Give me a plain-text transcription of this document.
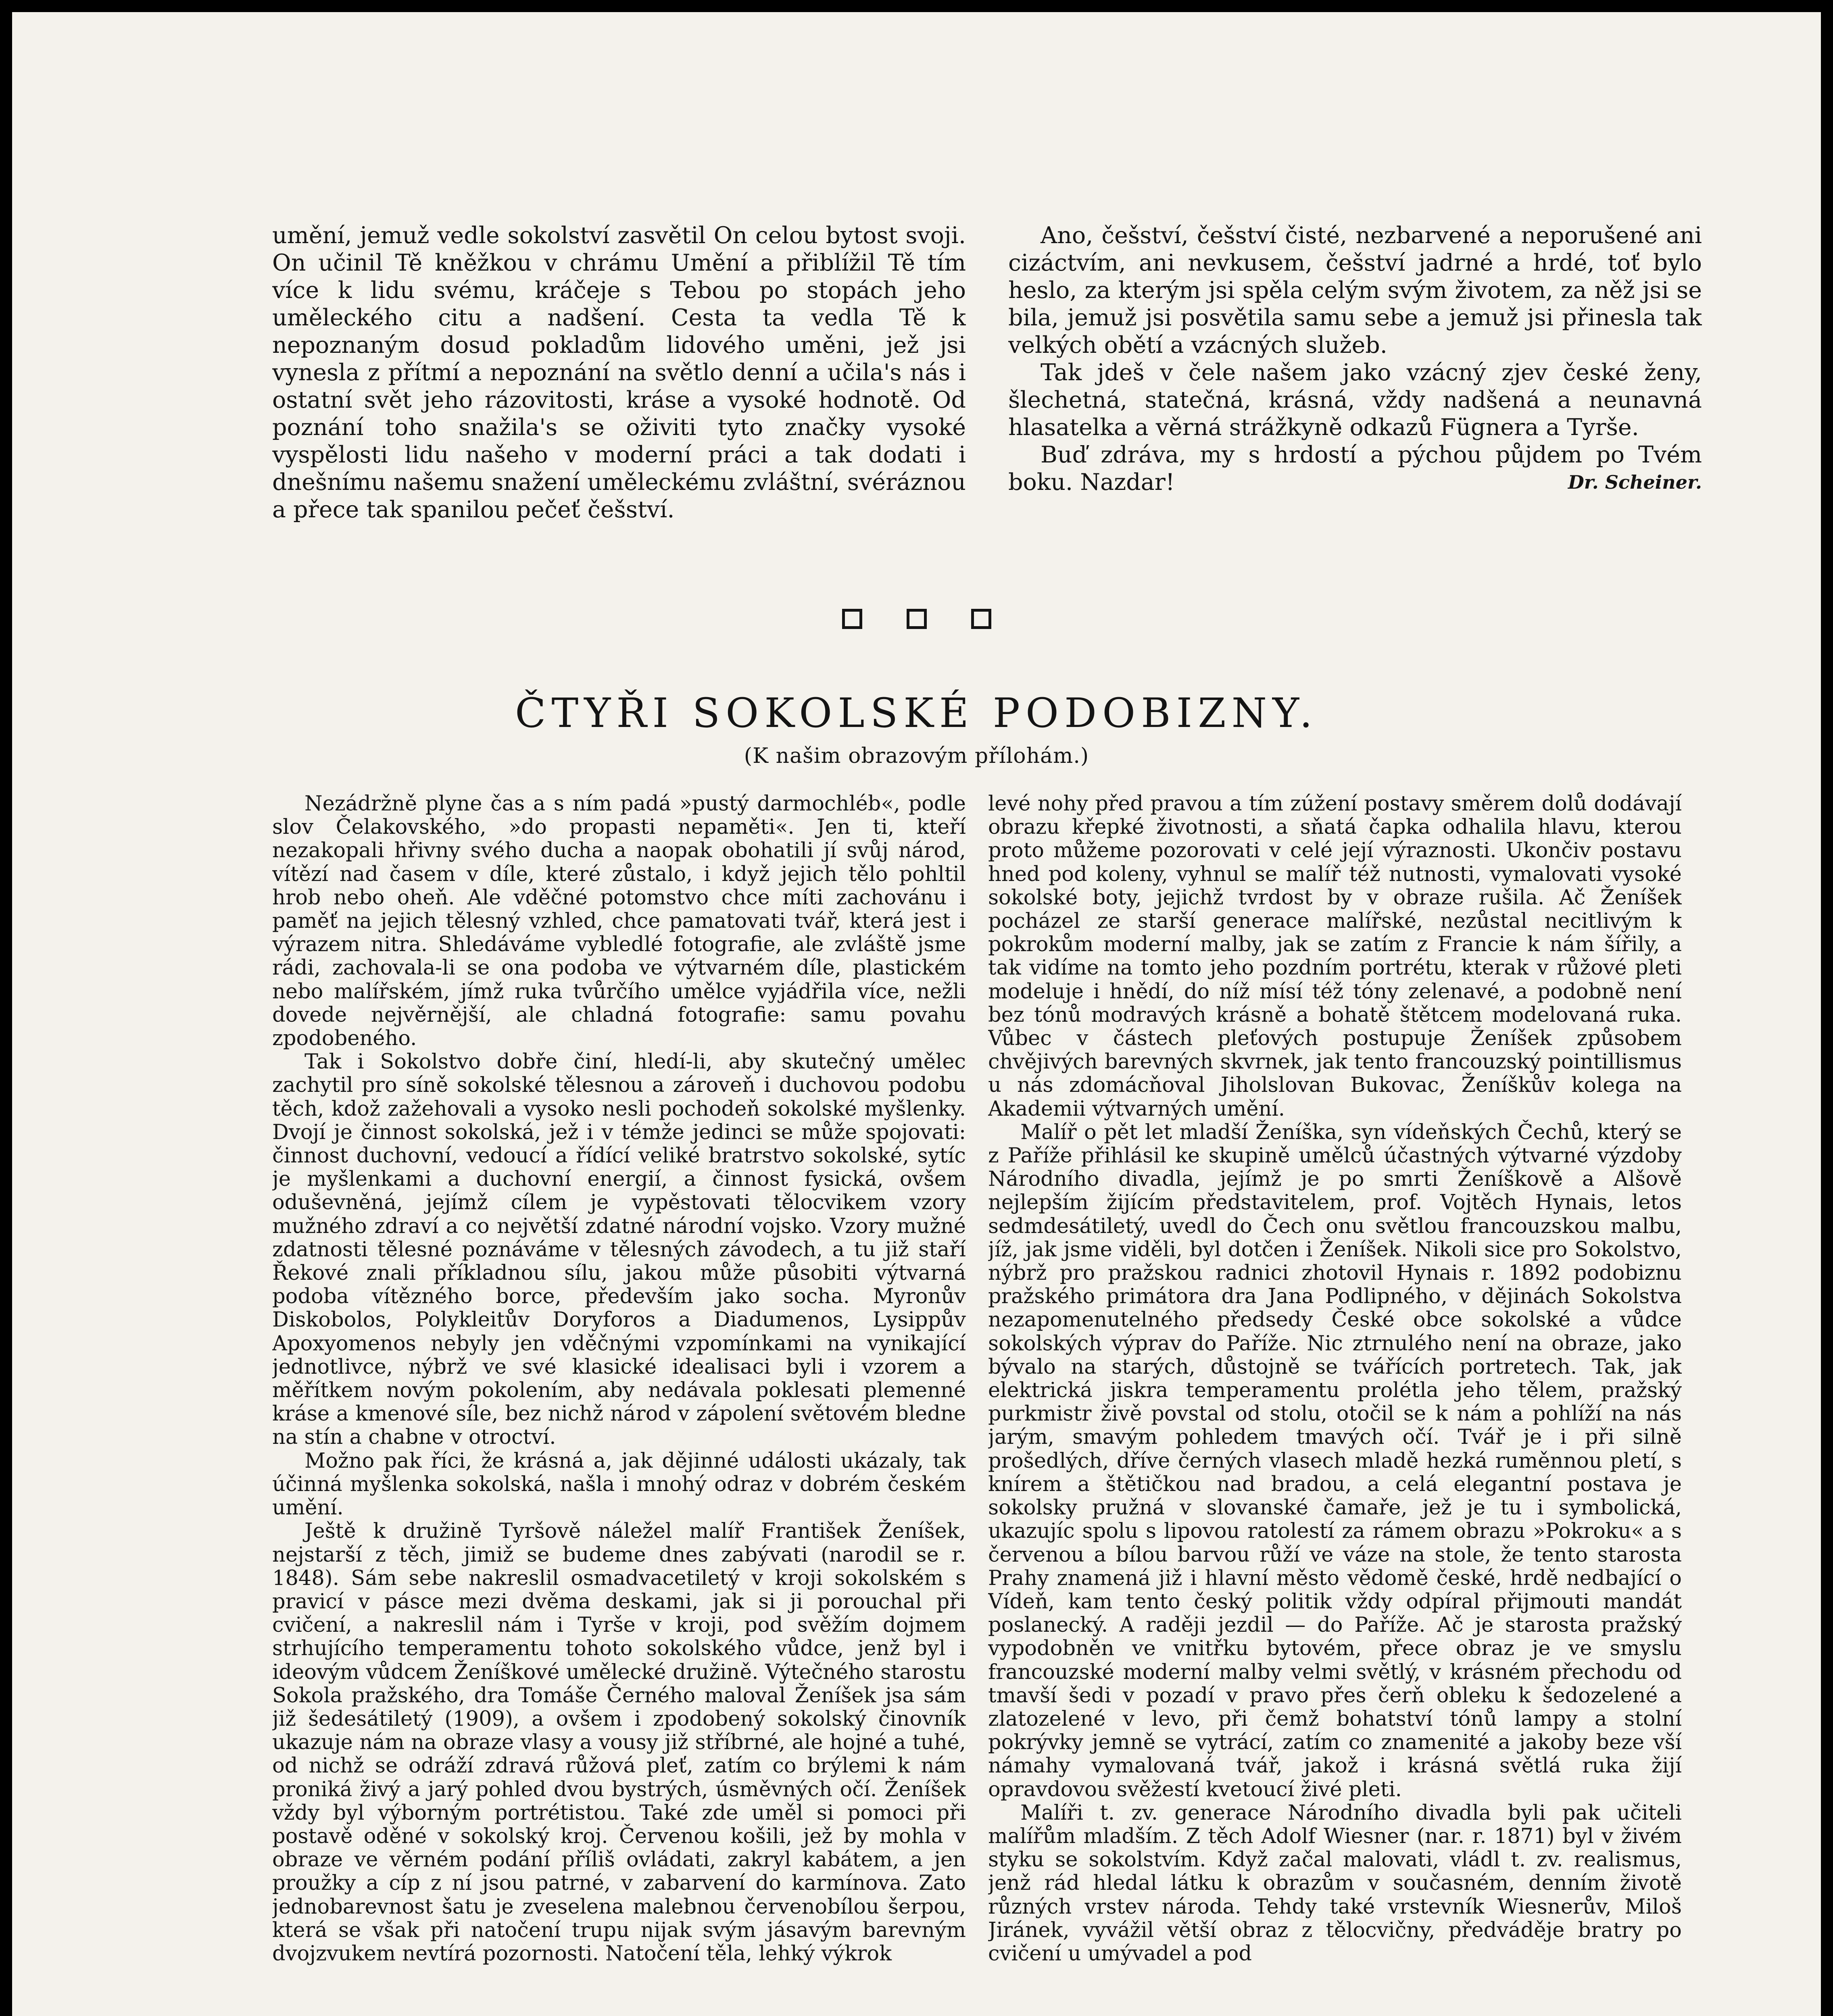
umění, jemuž vedle sokolství zasvětil On celou bytost svoji. On učinil Tě kněžkou v chrámu Umění a přiblížil Tě tím více k lidu svému, kráčeje s Tebou po stopách jeho uměleckého citu a nadšení. Cesta ta vedla Tě k nepoznaným dosud pokladům lidového uměni, jež jsi vynesla z přítmí a nepoznání na světlo denní a učila's nás i ostatní svět jeho rázovitosti, kráse a vysoké hodnotě. Od poznání toho snažila's se oživiti tyto značky vysoké vyspělosti lidu našeho v moderní práci a tak dodati i dnešnímu našemu snažení uměleckému zvláštní, svéráznou a přece tak spanilou pečeť češství.

Ano, češství, češství čisté, nezbarvené a neporušené ani cizáctvím, ani nevkusem, češství jadrné a hrdé, toť bylo heslo, za kterým jsi spěla celým svým životem, za něž jsi se bila, jemuž jsi posvětila samu sebe a jemuž jsi přinesla tak velkých obětí a vzácných služeb.

Tak jdeš v čele našem jako vzácný zjev české ženy, šlechetná, statečná, krásná, vždy nadšená a neunavná hlasatelka a věrná strážkyně odkazů Fügnera a Tyrše.

Buď zdráva, my s hrdostí a pýchou půjdem po Tvém boku. Nazdar!	Dr. Scheiner.

ČTYŘI SOKOLSKÉ PODOBIZNY.

(K našim obrazovým přílohám.)

Nezádržně plyne čas a s ním padá »pustý darmochléb«, podle slov Čelakovského, »do propasti nepaměti«. Jen ti, kteří nezakopali hřivny svého ducha a naopak obohatili jí svůj národ, vítězí nad časem v díle, které zůstalo, i když jejich tělo pohltil hrob nebo oheň. Ale vděčné potomstvo chce míti zachovánu i paměť na jejich tělesný vzhled, chce pamatovati tvář, která jest i výrazem nitra. Shledáváme vybledlé fotografie, ale zvláště jsme rádi, zachovala-li se ona podoba ve výtvarném díle, plastickém nebo malířském, jímž ruka tvůrčího umělce vyjádřila více, nežli dovede nejvěrnější, ale chladná fotografie: samu povahu zpodobeného.

Tak i Sokolstvo dobře činí, hledí-li, aby skutečný umělec zachytil pro síně sokolské tělesnou a zároveň i duchovou podobu těch, kdož zažehovali a vysoko nesli pochodeň sokolské myšlenky. Dvojí je činnost sokolská, jež i v témže jedinci se může spojovati: činnost duchovní, vedoucí a řídící veliké bratrstvo sokolské, sytíc je myšlenkami a duchovní energií, a činnost fysická, ovšem oduševněná, jejímž cílem je vypěstovati tělocvikem vzory mužného zdraví a co největší zdatné národní vojsko. Vzory mužné zdatnosti tělesné poznáváme v tělesných závodech, a tu již staří Řekové znali příkladnou sílu, jakou může působiti výtvarná podoba vítězného borce, především jako socha. Myronův Diskobolos, Polykleitův Doryforos a Diadumenos, Lysippův Apoxyomenos nebyly jen vděčnými vzpomínkami na vynikající jednotlivce, nýbrž ve své klasické idealisaci byli i vzorem a měřítkem novým pokolením, aby nedávala poklesati plemenné kráse a kmenové síle, bez nichž národ v zápolení světovém bledne na stín a chabne v otroctví.

Možno pak říci, že krásná a, jak dějinné události ukázaly, tak účinná myšlenka sokolská, našla i mnohý odraz v dobrém českém umění.

Ještě k družině Tyršově náležel malíř František Ženíšek, nejstarší z těch, jimiž se budeme dnes zabývati (narodil se r. 1848). Sám sebe nakreslil osmadvacetiletý v kroji sokolském s pravicí v pásce mezi dvěma deskami, jak si ji porouchal při cvičení, a nakreslil nám i Tyrše v kroji, pod svěžím dojmem strhujícího temperamentu tohoto sokolského vůdce, jenž byl i ideovým vůdcem Ženíškové umělecké družině. Výtečného starostu Sokola pražského, dra Tomáše Černého maloval Ženíšek jsa sám již šedesátiletý (1909), a ovšem i zpodobený sokolský činovník ukazuje nám na obraze vlasy a vousy již stříbrné, ale hojné a tuhé, od nichž se odráží zdravá růžová pleť, zatím co brýlemi k nám proniká živý a jarý pohled dvou bystrých, úsměvných očí. Ženíšek vždy byl výborným portrétistou. Také zde uměl si pomoci při postavě oděné v sokolský kroj. Červenou košili, jež by mohla v obraze ve věrném podání příliš ovládati, zakryl kabátem, a jen proužky a cíp z ní jsou patrné, v zabarvení do karmínova. Zato jednobarevnost šatu je zveselena malebnou červenobílou šerpou, která se však při natočení trupu nijak svým jásavým barevným dvojzvukem nevtírá pozornosti. Natočení těla, lehký výkrok

levé nohy před pravou a tím zúžení postavy směrem dolů dodávají obrazu křepké životnosti, a sňatá čapka odhalila hlavu, kterou proto můžeme pozorovati v celé její výraznosti. Ukončiv postavu hned pod koleny, vyhnul se malíř též nutnosti, vymalovati vysoké sokolské boty, jejichž tvrdost by v obraze rušila. Ač Ženíšek pocházel ze starší generace malířské, nezůstal necitlivým k pokrokům moderní malby, jak se zatím z Francie k nám šířily, a tak vidíme na tomto jeho pozdním portrétu, kterak v růžové pleti modeluje i hnědí, do níž mísí též tóny zelenavé, a podobně není bez tónů modravých krásně a bohatě štětcem modelovaná ruka. Vůbec v částech pleťových postupuje Ženíšek způsobem chvějivých barevných skvrnek, jak tento francouzský pointillismus u nás zdomácňoval Jiholslovan Bukovac, Ženíškův kolega na Akademii výtvarných umění.

Malíř o pět let mladší Ženíška, syn vídeňských Čechů, který se z Paříže přihlásil ke skupině umělců účastných výtvarné výzdoby Národního divadla, jejímž je po smrti Ženíškově a Alšově nejlepším žijícím představitelem, prof. Vojtěch Hynais, letos sedmdesátiletý, uvedl do Čech onu světlou francouzskou malbu, jíž, jak jsme viděli, byl dotčen i Ženíšek. Nikoli sice pro Sokolstvo, nýbrž pro pražskou radnici zhotovil Hynais r. 1892 podobiznu pražského primátora dra Jana Podlipného, v dějinách Sokolstva nezapomenutelného předsedy České obce sokolské a vůdce sokolských výprav do Paříže. Nic ztrnulého není na obraze, jako bývalo na starých, důstojně se tvářících portretech. Tak, jak elektrická jiskra temperamentu prolétla jeho tělem, pražský purkmistr živě povstal od stolu, otočil se k nám a pohlíží na nás jarým, smavým pohledem tmavých očí. Tvář je i při silně prošedlých, dříve černých vlasech mladě hezká ruměnnou pletí, s knírem a štětičkou nad bradou, a celá elegantní postava je sokolsky pružná v slovanské čamaře, jež je tu i symbolická, ukazujíc spolu s lipovou ratolestí za rámem obrazu »Pokroku« a s červenou a bílou barvou růží ve váze na stole, že tento starosta Prahy znamená již i hlavní město vědomě české, hrdě nedbající o Vídeň, kam tento český politik vždy odpíral přijmouti mandát poslanecký. A raději jezdil — do Paříže. Ač je starosta pražský vypodobněn ve vnitřku bytovém, přece obraz je ve smyslu francouzské moderní malby velmi světlý, v krásném přechodu od tmavší šedi v pozadí v pravo přes čerň obleku k šedozelené a zlatozelené v levo, při čemž bohatství tónů lampy a stolní pokrývky jemně se vytrácí, zatím co znamenité a jakoby beze vší námahy vymalovaná tvář, jakož i krásná světlá ruka žijí opravdovou svěžestí kvetoucí živé pleti.

Malíři t. zv. generace Národního divadla byli pak učiteli malířům mladším. Z těch Adolf Wiesner (nar. r. 1871) byl v živém styku se sokolstvím. Když začal malovati, vládl t. zv. realismus, jenž rád hledal látku k obrazům v současném, denním životě různých vrstev národa. Tehdy také vrstevník Wiesnerův, Miloš Jiránek, vyvážil větší obraz z tělocvičny, předváděje bratry po cvičení u umývadel a pod
